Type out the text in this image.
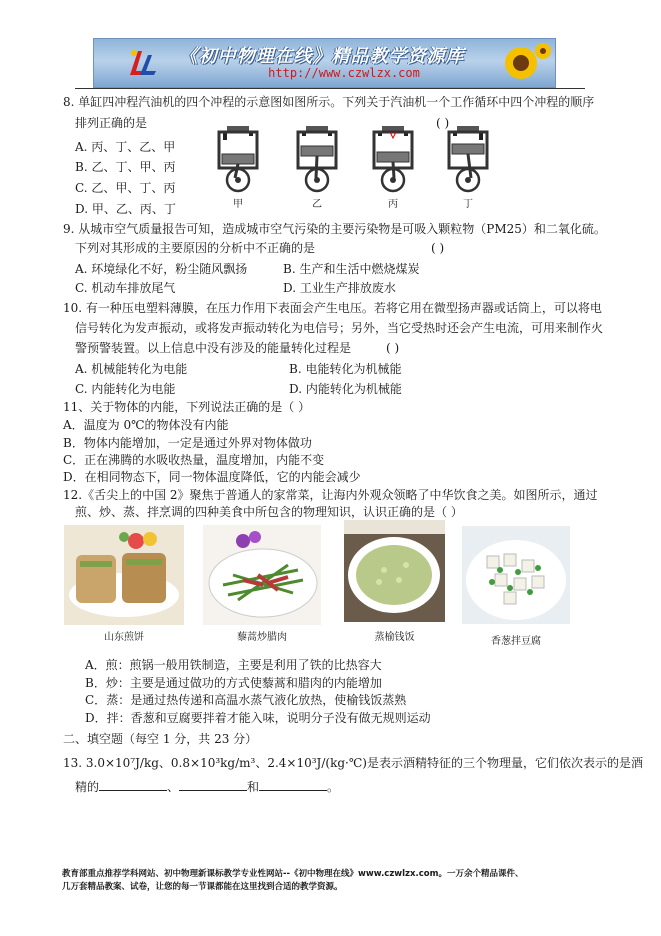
《初中物理在线》精品教学资源库
http://www.czwlzx.com
8. 单缸四冲程汽油机的四个冲程的示意图如图所示。下列关于汽油机一个工作循环中四个冲程的顺序
排列正确的是	( )
A. 丙、丁、乙、甲
B. 乙、丁、甲、丙
C. 乙、甲、丁、丙
D. 甲、乙、丙、丁	甲	乙	丙	丁
9. 从城市空气质量报告可知，造成城市空气污染的主要污染物是可吸入颗粒物（PM25）和二氧化硫。
下列对其形成的主要原因的分析中不正确的是	( )
A. 环境绿化不好，粉尘随风飘扬	B. 生产和生活中燃烧煤炭
C. 机动车排放尾气	D. 工业生产排放废水
10. 有一种压电塑料薄膜，在压力作用下表面会产生电压。若将它用在微型扬声器或话筒上，可以将电
信号转化为发声振动，或将发声振动转化为电信号；另外，当它受热时还会产生电流，可用来制作火
警预警装置。以上信息中没有涉及的能量转化过程是	( )
A. 机械能转化为电能	B. 电能转化为机械能
C. 内能转化为电能	D. 内能转化为机械能
11、关于物体的内能，下列说法正确的是（ ）
A．温度为 0℃的物体没有内能
B．物体内能增加，一定是通过外界对物体做功
C．正在沸腾的水吸收热量，温度增加，内能不变
D．在相同物态下，同一物体温度降低，它的内能会减少
12.《舌尖上的中国 2》聚焦于普通人的家常菜，让海内外观众领略了中华饮食之美。如图所示，通过
煎、炒、蒸、拌烹调的四种美食中所包含的物理知识，认识正确的是（ ）
山东煎饼	藜蒿炒腊肉	蒸榆钱饭	香葱拌豆腐
A．煎：煎锅一般用铁制造，主要是利用了铁的比热容大
B．炒：主要是通过做功的方式使藜蒿和腊肉的内能增加
C．蒸：是通过热传递和高温水蒸气液化放热，使榆钱饭蒸熟
D．拌：香葱和豆腐要拌着才能入味，说明分子没有做无规则运动
二、填空题（每空 1 分，共 23 分）
13. 3.0×10⁷J/kg、0.8×10³kg/m³、2.4×10³J/(kg·℃)是表示酒精特征的三个物理量，它们依次表示的是酒
精的	、	和	。
教育部重点推荐学科网站、初中物理新课标教学专业性网站--《初中物理在线》www.czwlzx.com。一万余个精品课件、
几万套精品教案、试卷，让您的每一节课都能在这里找到合适的教学资源。
